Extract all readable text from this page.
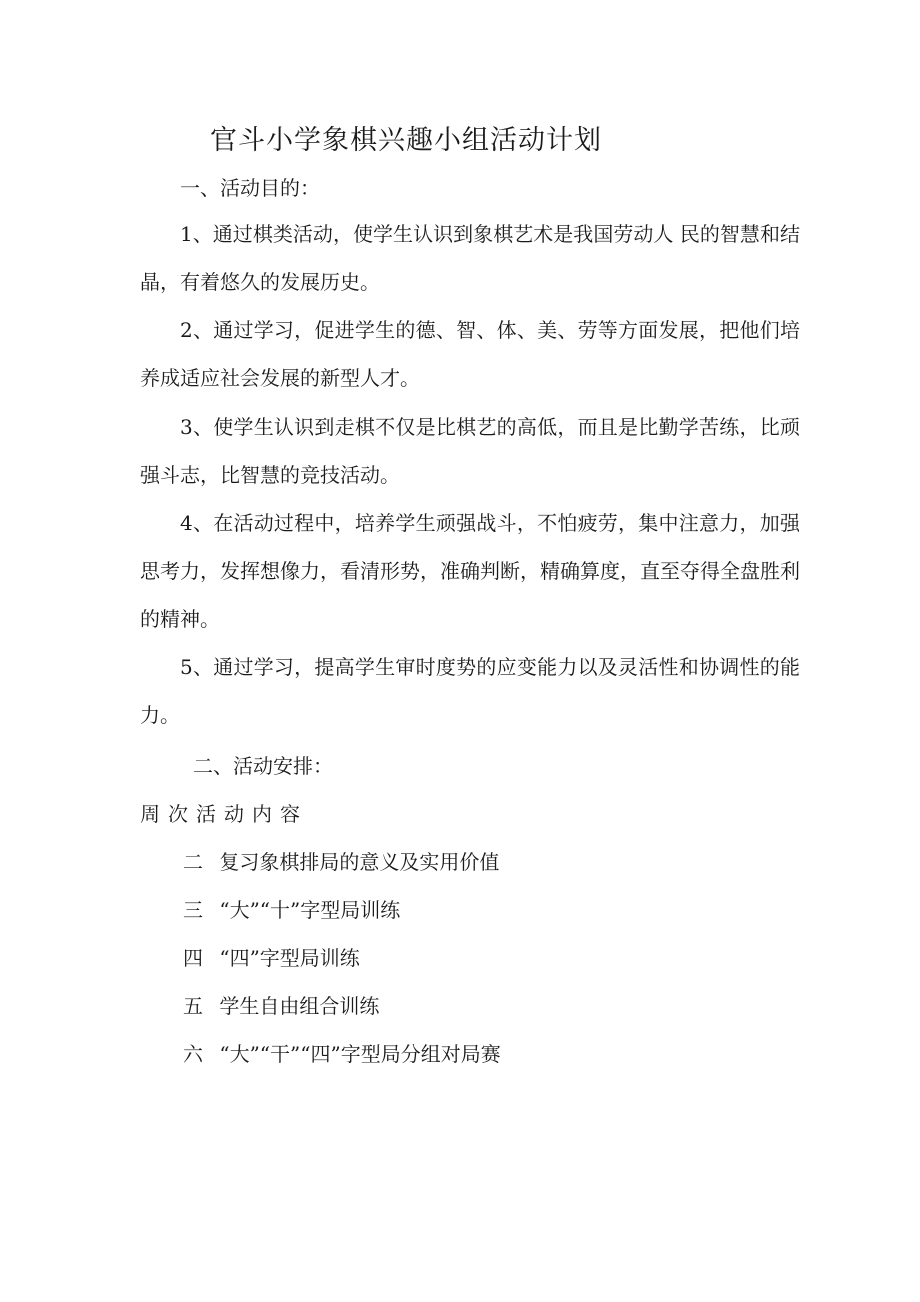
官斗小学象棋兴趣小组活动计划
一、活动目的：
1、通过棋类活动，使学生认识到象棋艺术是我国劳动人 民的智慧和结晶，有着悠久的发展历史。
2、通过学习，促进学生的德、智、体、美、劳等方面发展，把他们培养成适应社会发展的新型人才。
3、使学生认识到走棋不仅是比棋艺的高低，而且是比勤学苦练，比顽强斗志，比智慧的竞技活动。
4、在活动过程中，培养学生顽强战斗，不怕疲劳，集中注意力，加强思考力，发挥想像力，看清形势，准确判断，精确算度，直至夺得全盘胜利的精神。
5、通过学习，提高学生审时度势的应变能力以及灵活性和协调性的能力。
二、活动安排：
周次活动内容
二 复习象棋排局的意义及实用价值
三 “大”“十”字型局训练
四 “四”字型局训练
五 学生自由组合训练
六 “大”“干”“四”字型局分组对局赛
